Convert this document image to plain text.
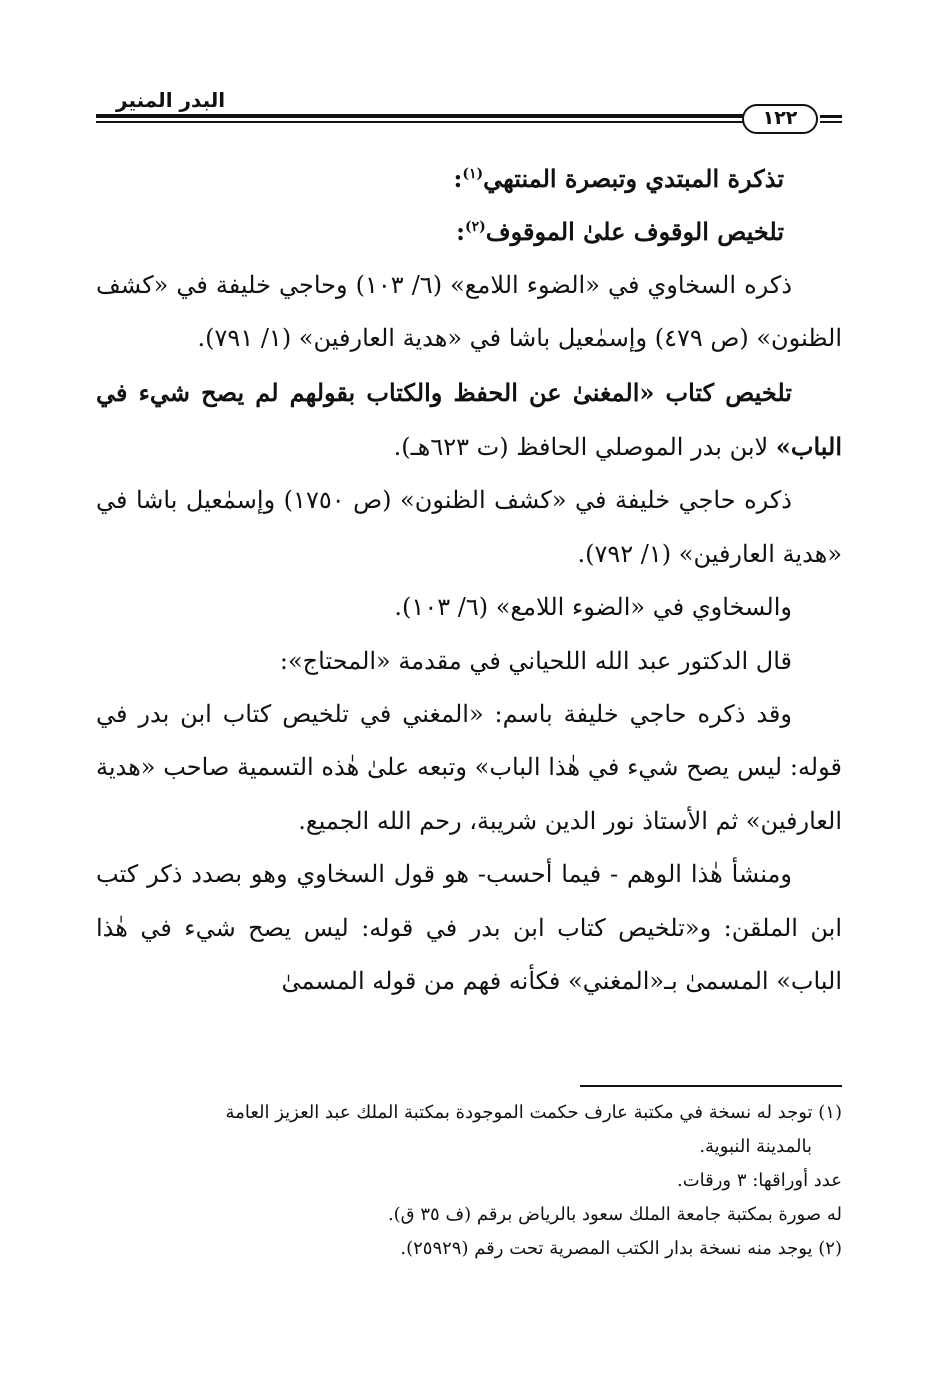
البدر المنير
١٢٢

تذكرة المبتدي وتبصرة المنتهي$^{(١)}$:

تلخيص الوقوف علىٰ الموقوف$^{(٢)}$:

ذكره السخاوي في «الضوء اللامع» (٦/ ١٠٣) وحاجي خليفة في «كشف الظنون» (ص ٤٧٩) وإسمٰعيل باشا في «هدية العارفين» (١/ ٧٩١).

تلخيص كتاب «المغنىٰ عن الحفظ والكتاب بقولهم لم يصح شيء في الباب» لابن بدر الموصلي الحافظ (ت ٦٢٣هـ).

ذكره حاجي خليفة في «كشف الظنون» (ص ١٧٥٠) وإسمٰعيل باشا في «هدية العارفين» (١/ ٧٩٢).

والسخاوي في «الضوء اللامع» (٦/ ١٠٣).

قال الدكتور عبد الله اللحياني في مقدمة «المحتاج»:

وقد ذكره حاجي خليفة باسم: «المغني في تلخيص كتاب ابن بدر في قوله: ليس يصح شيء في هٰذا الباب» وتبعه علىٰ هٰذه التسمية صاحب «هدية العارفين» ثم الأستاذ نور الدين شريبة، رحم الله الجميع.

ومنشأ هٰذا الوهم - فيما أحسب- هو قول السخاوي وهو بصدد ذكر كتب ابن الملقن: و«تلخيص كتاب ابن بدر في قوله: ليس يصح شيء في هٰذا الباب» المسمىٰ بـ«المغني» فكأنه فهم من قوله المسمىٰ

(١) توجد له نسخة في مكتبة عارف حكمت الموجودة بمكتبة الملك عبد العزيز العامة

بالمدينة النبوية.

عدد أوراقها: ٣ ورقات.

له صورة بمكتبة جامعة الملك سعود بالرياض برقم (ف ٣٥ ق).

(٢) يوجد منه نسخة بدار الكتب المصرية تحت رقم (٢٥٩٢٩).
